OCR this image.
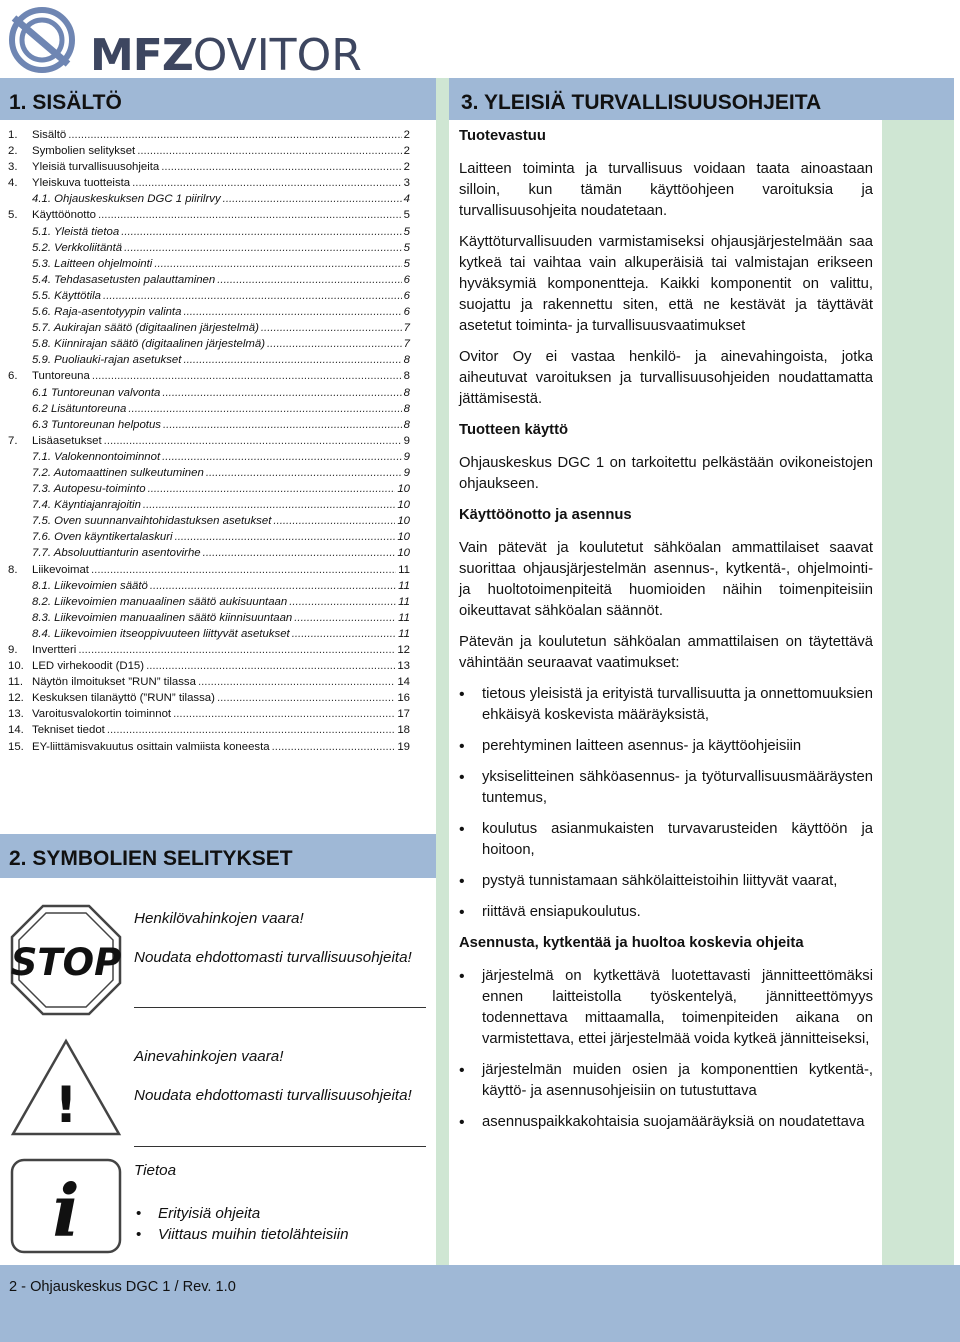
MFZOVITOR
1. SISÄLTÖ	3. YLEISIÄ TURVALLISUUSOHJEITA
2. SYMBOLIEN SELITYKSET
1.	Sisältö .....	2
2.	Symbolien selitykset .....	2
3.	Yleisiä turvallisuusohjeita .....	2
4.	Yleiskuva tuotteista .....	3
4.1. Ohjauskeskuksen DGC 1 piirilrvy .....	4
5.	Käyttöönotto .....	5
5.1. Yleistä tietoa .....	5
5.2. Verkkoliitäntä .....	5
5.3. Laitteen ohjelmointi .....	5
5.4. Tehdasasetusten palauttaminen .....	6
5.5. Käyttötila .....	6
5.6. Raja-asentotyypin valinta .....	6
5.7. Aukirajan säätö (digitaalinen järjestelmä) .....	7
5.8. Kiinnirajan säätö (digitaalinen järjestelmä) .....	7
5.9. Puoliauki-rajan asetukset .....	8
6.	Tuntoreuna .....	8
6.1 Tuntoreunan valvonta .....	8
6.2 Lisätuntoreuna .....	8
6.3 Tuntoreunan helpotus .....	8
7.	Lisäasetukset .....	9
7.1. Valokennontoiminnot .....	9
7.2. Automaattinen sulkeutuminen .....	9
7.3. Autopesu-toiminto .....	10
7.4. Käyntiajanrajoitin .....	10
7.5. Oven suunnanvaihtohidastuksen asetukset .....	10
7.6. Oven käyntikertalaskuri .....	10
7.7. Absoluuttianturin asentovirhe .....	10
8.	Liikevoimat .....	11
8.1. Liikevoimien säätö .....	11
8.2. Liikevoimien manuaalinen säätö aukisuuntaan .....	11
8.3. Liikevoimien manuaalinen säätö kiinnisuuntaan .....	11
8.4. Liikevoimien itseoppivuuteen liittyvät asetukset .....	11
9.	Invertteri .....	12
10. LED virhekoodit (D15) .....	13
11. Näytön ilmoitukset ”RUN” tilassa .....	14
12. Keskuksen tilanäyttö (”RUN” tilassa) .....	16
13. Varoitusvalokortin toiminnot .....	17
14. Tekniset tiedot .....	18
15. EY-liittämisvakuutus osittain valmiista koneesta .....	19
STOP

Henkilövahinkojen vaara!

Noudata ehdottomasti turvallisuusohjeita!

!

Ainevahinkojen vaara!

Noudata ehdottomasti turvallisuusohjeita!

i	Tietoa

• Erityisiä ohjeita
• Viittaus muihin tietolähteisiin
Tuotevastuu

Laitteen toiminta ja turvallisuus voidaan taata ainoastaan silloin, kun tämän käyttöohjeen varoituksia ja turvallisuusohjeita noudatetaan.

Käyttöturvallisuuden varmistamiseksi ohjausjärjestelmään saa kytkeä tai vaihtaa vain alkuperäisiä tai valmistajan erikseen hyväksymiä komponentteja. Kaikki komponentit on valittu, suojattu ja rakennettu siten, että ne kestävät ja täyttävät asetetut toiminta- ja turvallisuusvaatimukset

Ovitor Oy ei vastaa henkilö- ja ainevahingoista, jotka aiheutuvat varoituksen ja turvallisuusohjeiden noudattamatta jättämisestä.

Tuotteen käyttö

Ohjauskeskus DGC 1 on tarkoitettu pelkästään ovikoneistojen ohjaukseen.

Käyttöönotto ja asennus

Vain pätevät ja koulutetut sähköalan ammattilaiset saavat suorittaa ohjausjärjestelmän asennus-, kytkentä-, ohjelmointi- ja huoltotoimenpiteitä huomioiden näihin toimenpiteisiin oikeuttavat sähköalan säännöt.

Pätevän ja koulutetun sähköalan ammattilaisen on täytettävä vähintään seuraavat vaatimukset:

• tietous yleisistä ja erityistä turvallisuutta ja onnettomuuksien ehkäisyä koskevista määräyksistä,
• perehtyminen laitteen asennus- ja käyttöohjeisiin
• yksiselitteinen sähköasennus- ja työturvallisuusmääräysten tuntemus,
• koulutus asianmukaisten turvavarusteiden käyttöön ja hoitoon,
• pystyä tunnistamaan sähkölaitteistoihin liittyvät vaarat,
• riittävä ensiapukoulutus.
Asennusta, kytkentää ja huoltoa koskevia ohjeita
• järjestelmä on kytkettävä luotettavasti jännitteettömäksi ennen laitteistolla työskentelyä, jännitteettömyys todennettava mittaamalla, toimenpiteiden aikana on varmistettava, ettei järjestelmää voida kytkeä jännitteiseksi,
• järjestelmän muiden osien ja komponenttien kytkentä-, käyttö- ja asennusohjeisiin on tutustuttava
• asennuspaikkakohtaisia suojamääräyksiä on noudatettava
2 - Ohjauskeskus DGC 1 / Rev. 1.0
